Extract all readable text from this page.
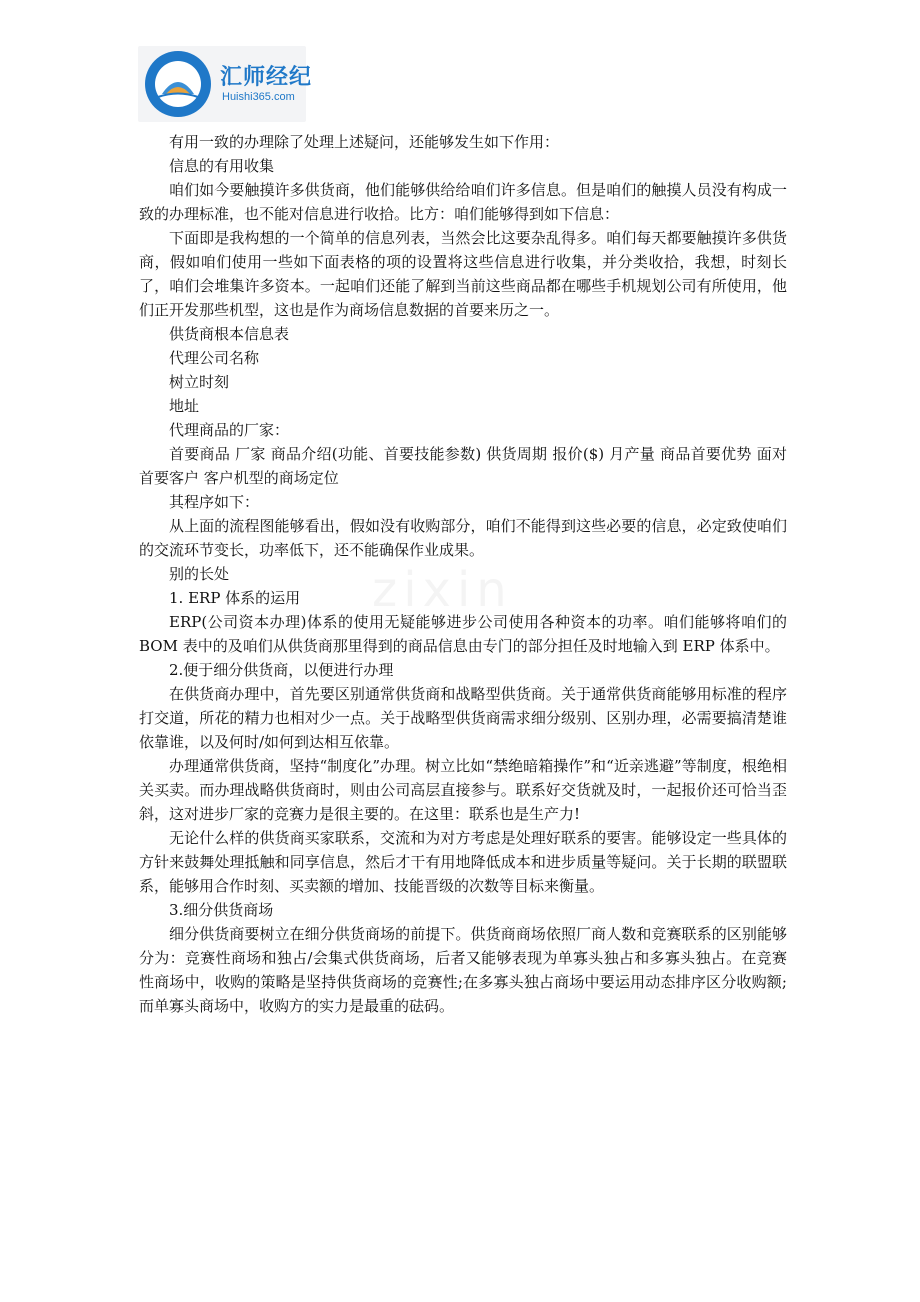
汇师经纪
Huishi365.com

有用一致的办理除了处理上述疑问，还能够发生如下作用：

信息的有用收集

咱们如今要触摸许多供货商，他们能够供给给咱们许多信息。但是咱们的触摸人员没有构成一致的办理标准，也不能对信息进行收拾。比方：咱们能够得到如下信息：

下面即是我构想的一个简单的信息列表，当然会比这要杂乱得多。咱们每天都要触摸许多供货商，假如咱们使用一些如下面表格的项的设置将这些信息进行收集，并分类收拾，我想，时刻长了，咱们会堆集许多资本。一起咱们还能了解到当前这些商品都在哪些手机规划公司有所使用，他们正开发那些机型，这也是作为商场信息数据的首要来历之一。

供货商根本信息表

代理公司名称

树立时刻

地址

代理商品的厂家：

首要商品 厂家 商品介绍(功能、首要技能参数) 供货周期 报价($) 月产量 商品首要优势 面对首要客户 客户机型的商场定位

其程序如下：

从上面的流程图能够看出，假如没有收购部分，咱们不能得到这些必要的信息，必定致使咱们的交流环节变长，功率低下，还不能确保作业成果。

别的长处

1. ERP 体系的运用

ERP(公司资本办理)体系的使用无疑能够进步公司使用各种资本的功率。咱们能够将咱们的 BOM 表中的及咱们从供货商那里得到的商品信息由专门的部分担任及时地输入到 ERP 体系中。

2.便于细分供货商，以便进行办理

在供货商办理中，首先要区别通常供货商和战略型供货商。关于通常供货商能够用标准的程序打交道，所花的精力也相对少一点。关于战略型供货商需求细分级别、区别办理，必需要搞清楚谁依靠谁，以及何时/如何到达相互依靠。

办理通常供货商，坚持“制度化”办理。树立比如“禁绝暗箱操作”和“近亲逃避”等制度，根绝相关买卖。而办理战略供货商时，则由公司高层直接参与。联系好交货就及时，一起报价还可恰当歪斜，这对进步厂家的竞赛力是很主要的。在这里：联系也是生产力!

无论什么样的供货商买家联系，交流和为对方考虑是处理好联系的要害。能够设定一些具体的方针来鼓舞处理抵触和同享信息，然后才干有用地降低成本和进步质量等疑问。关于长期的联盟联系，能够用合作时刻、买卖额的增加、技能晋级的次数等目标来衡量。

3.细分供货商场

细分供货商要树立在细分供货商场的前提下。供货商商场依照厂商人数和竞赛联系的区别能够分为：竞赛性商场和独占/会集式供货商场，后者又能够表现为单寡头独占和多寡头独占。在竞赛性商场中，收购的策略是坚持供货商场的竞赛性;在多寡头独占商场中要运用动态排序区分收购额;而单寡头商场中，收购方的实力是最重的砝码。
